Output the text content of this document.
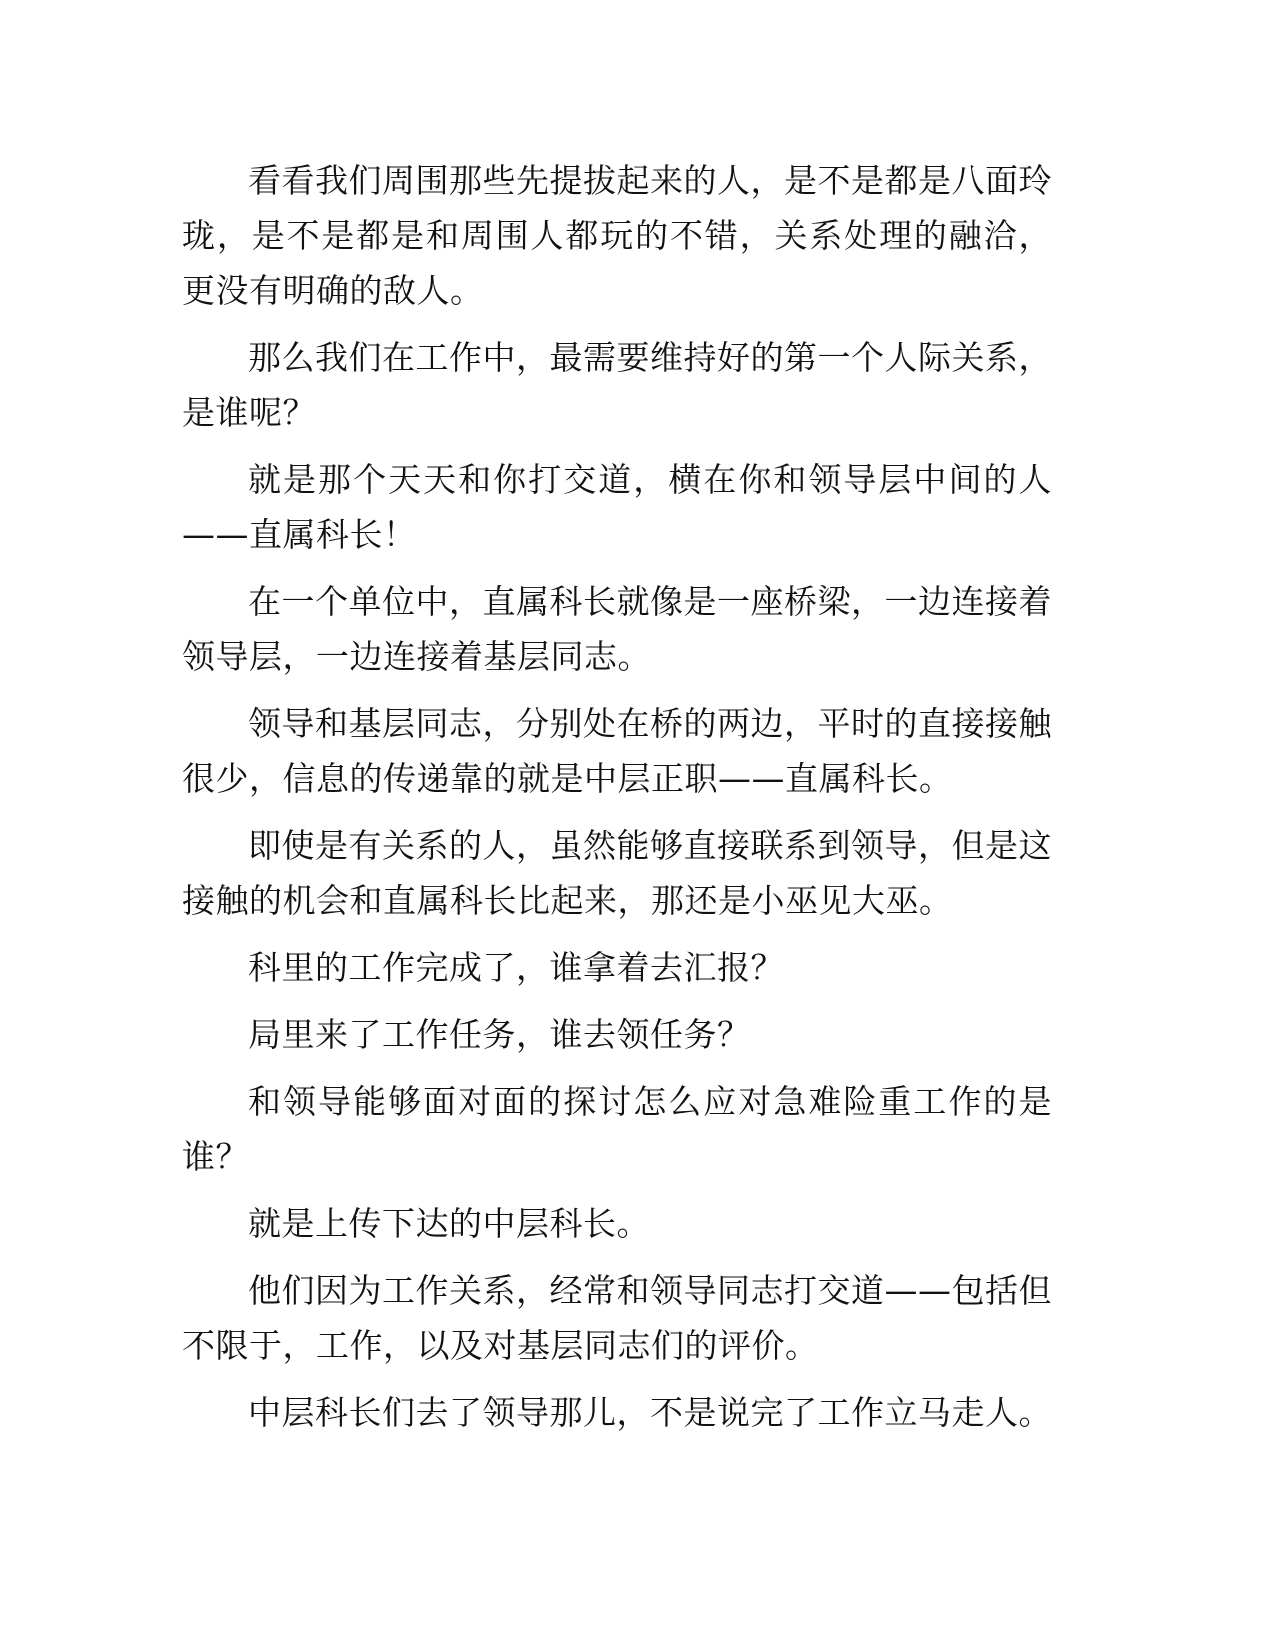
看看我们周围那些先提拔起来的人，是不是都是八面玲珑，是不是都是和周围人都玩的不错，关系处理的融洽，更没有明确的敌人。

那么我们在工作中，最需要维持好的第一个人际关系，是谁呢？

就是那个天天和你打交道，横在你和领导层中间的人——直属科长！

在一个单位中，直属科长就像是一座桥梁，一边连接着领导层，一边连接着基层同志。

领导和基层同志，分别处在桥的两边，平时的直接接触很少，信息的传递靠的就是中层正职——直属科长。

即使是有关系的人，虽然能够直接联系到领导，但是这接触的机会和直属科长比起来，那还是小巫见大巫。

科里的工作完成了，谁拿着去汇报？

局里来了工作任务，谁去领任务？

和领导能够面对面的探讨怎么应对急难险重工作的是谁？

就是上传下达的中层科长。

他们因为工作关系，经常和领导同志打交道——包括但不限于，工作，以及对基层同志们的评价。

中层科长们去了领导那儿，不是说完了工作立马走人。
